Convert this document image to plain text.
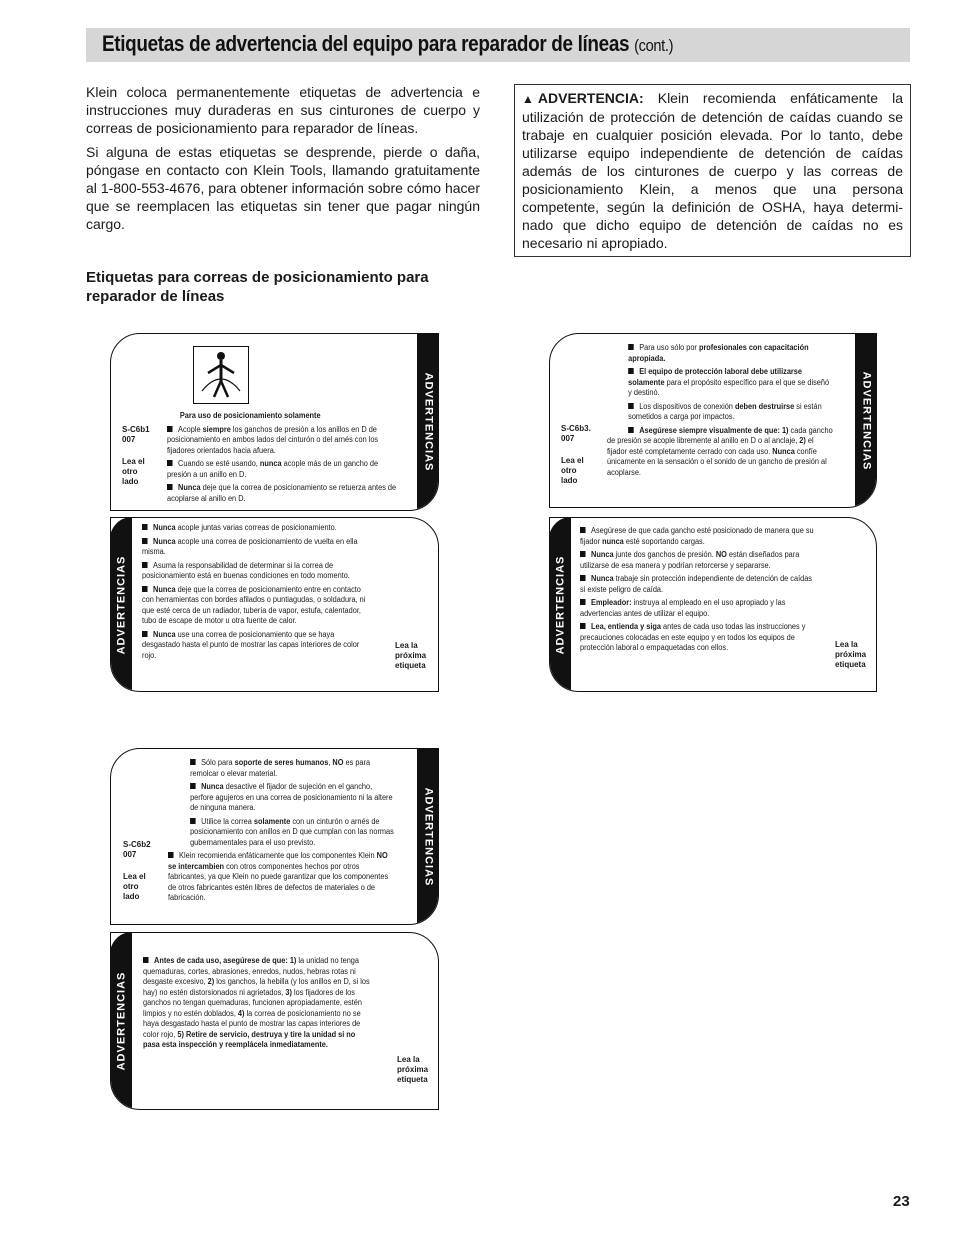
Etiquetas de advertencia del equipo para reparador de líneas (cont.)

Klein coloca permanentemente etiquetas de advertencia e instrucciones muy duraderas en sus cinturones de cuerpo y correas de posicionamiento para reparador de líneas.

Si alguna de estas etiquetas se desprende, pierde o daña, póngase en contacto con Klein Tools, llamando gratuitamente al 1-800-553-4676, para obtener información sobre cómo hacer que se reemplacen las etiquetas sin tener que pagar ningún cargo.

▲ ADVERTENCIA: Klein recomienda enfáticamente la utilización de protección de detención de caídas cuando se trabaje en cualquier posición elevada. Por lo tanto, debe utilizarse equipo independiente de detención de caídas además de los cinturones de cuerpo y las correas de posicionamiento Klein, a menos que una persona competente, según la definición de OSHA, haya determi- nado que dicho equipo de detención de caídas no es necesario ni apropiado.
Etiquetas para correas de posicionamiento para reparador de líneas
S-C6b1 007
Lea el otro lado

Para uso de posicionamiento solamente

Acople siempre los ganchos de presión a los anillos en D de posicionamiento en ambos lados del cinturón o del arnés con los fijadores orientados hacia afuera.

Cuando se esté usando, nunca acople más de un gancho de presión a un anillo en D.

Nunca deje que la correa de posicionamiento se retuerza antes de acoplarse al anillo en D.

ADVERTENCIAS
ADVERTENCIAS

Nunca acople juntas varias correas de posicionamiento.

Nunca acople una correa de posicionamiento de vuelta en ella misma.

Asuma la responsabilidad de determinar si la correa de posicionamiento está en buenas condiciones en todo momento.

Nunca deje que la correa de posicionamiento entre en contacto con herramientas con bordes afilados o puntiagudas, o soldadura, ni que esté cerca de un radiador, tubería de vapor, estufa, calentador, tubo de escape de motor u otra fuente de calor.

Nunca use una correa de posicionamiento que se haya desgastado hasta el punto de mostrar las capas interiores de color rojo.

Lea la próxima etiqueta
S-C6b3. 007
Lea el otro lado

Para uso sólo por profesionales con capacitación apropiada.

El equipo de protección laboral debe utilizarse solamente para el propósito específico para el que se diseñó y destinó.

Los dispositivos de conexión deben destruirse si están sometidos a carga por impactos.

Asegúrese siempre visualmente de que: 1) cada gancho de presión se acople libremente al anillo en D o al anclaje, 2) el fijador esté completamente cerrado con cada uso. Nunca confíe únicamente en la sensación o el sonido de un gancho de presión al acoplarse.

ADVERTENCIAS
ADVERTENCIAS

Asegúrese de que cada gancho esté posicionado de manera que su fijador nunca esté soportando cargas.

Nunca junte dos ganchos de presión. NO están diseñados para utilizarse de esa manera y podrían retorcerse y separarse.

Nunca trabaje sin protección independiente de detención de caídas si existe peligro de caída.

Empleador: instruya al empleado en el uso apropiado y las advertencias antes de utilizar el equipo.

Lea, entienda y siga antes de cada uso todas las instrucciones y precauciones colocadas en este equipo y en todos los equipos de protección laboral o empaquetadas con ellos.	Lea la próxima etiqueta
S-C6b2 007
Lea el otro lado

Sólo para soporte de seres humanos, NO es para remolcar o elevar material.

Nunca desactive el fijador de sujeción en el gancho, perfore agujeros en una correa de posicionamiento ni la altere de ninguna manera.

Utilice la correa solamente con un cinturón o arnés de posicionamiento con anillos en D que cumplan con las normas gubernamentales para el uso previsto.

Klein recomienda enfáticamente que los componentes Klein NO se intercambien con otros componentes hechos por otros fabricantes, ya que Klein no puede garantizar que los componentes de otros fabricantes estén libres de defectos de materiales o de fabricación.

ADVERTENCIAS
ADVERTENCIAS

Antes de cada uso, asegúrese de que: 1) la unidad no tenga quemaduras, cortes, abrasiones, enredos, nudos, hebras rotas ni desgaste excesivo, 2) los ganchos, la hebilla (y los anillos en D, si los hay) no estén distorsionados ni agrietados, 3) los fijadores de los ganchos no tengan quemaduras, funcionen apropiadamente, estén limpios y no estén doblados, 4) la correa de posicionamiento no se haya desgastado hasta el punto de mostrar las capas interiores de color rojo, 5) Retire de servicio, destruya y tire la unidad si no pasa esta inspección y reemplácela inmediatamente.

Lea la próxima etiqueta
23
